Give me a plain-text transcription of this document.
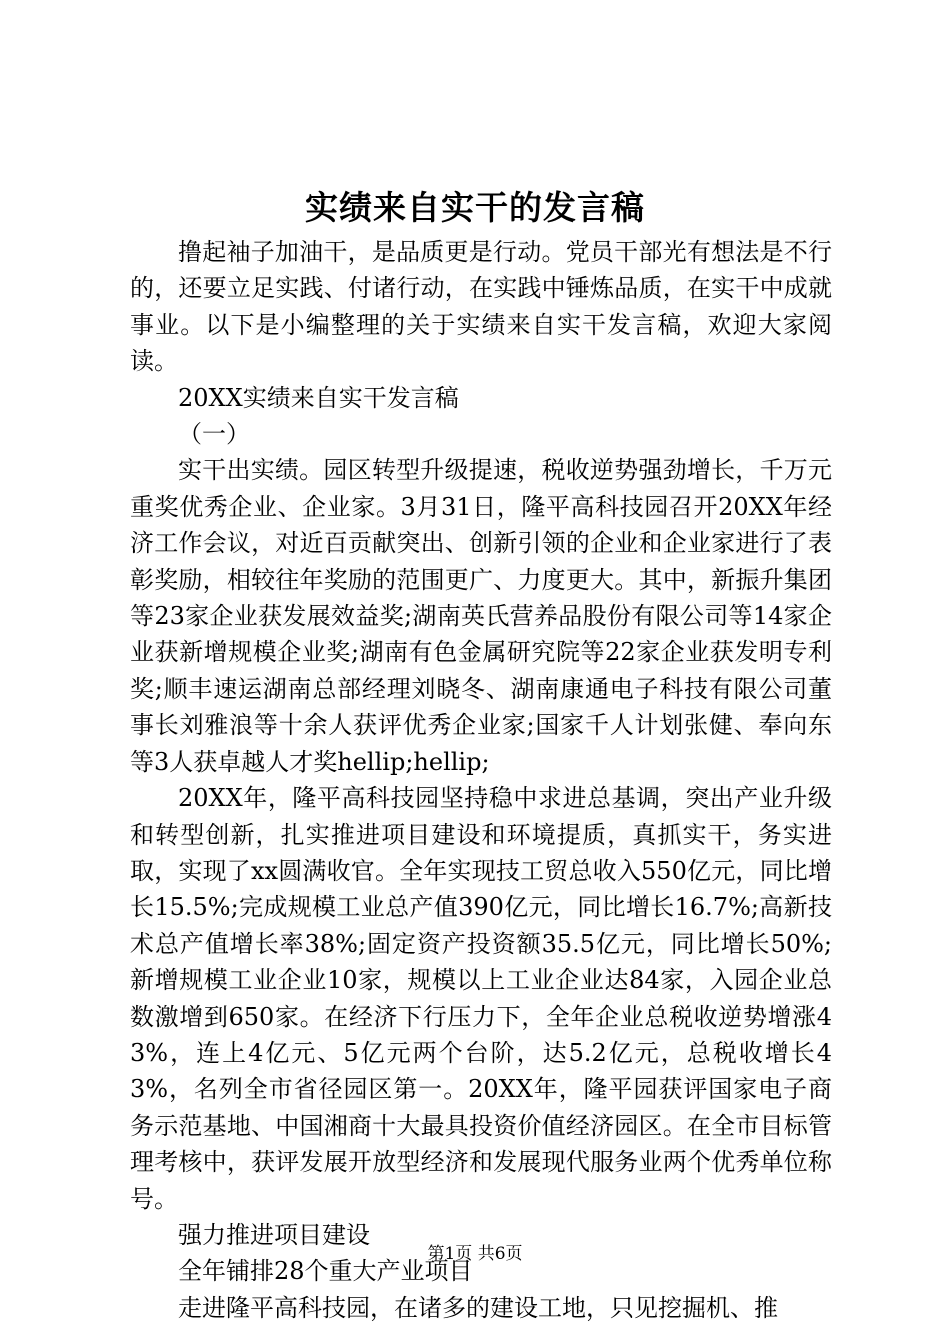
实绩来自实干的发言稿

撸起袖子加油干，是品质更是行动。党员干部光有想法是不行的，还要立足实践、付诸行动，在实践中锤炼品质，在实干中成就事业。以下是小编整理的关于实绩来自实干发言稿，欢迎大家阅读。

20XX实绩来自实干发言稿

（一）

实干出实绩。园区转型升级提速，税收逆势强劲增长，千万元重奖优秀企业、企业家。3月31日，隆平高科技园召开20XX年经济工作会议，对近百贡献突出、创新引领的企业和企业家进行了表彰奖励，相较往年奖励的范围更广、力度更大。其中，新振升集团等23家企业获发展效益奖;湖南英氏营养品股份有限公司等14家企业获新增规模企业奖;湖南有色金属研究院等22家企业获发明专利奖;顺丰速运湖南总部经理刘晓冬、湖南康通电子科技有限公司董事长刘雅浪等十余人获评优秀企业家;国家千人计划张健、奉向东等3人获卓越人才奖hellip;hellip;

20XX年，隆平高科技园坚持稳中求进总基调，突出产业升级和转型创新，扎实推进项目建设和环境提质，真抓实干，务实进取，实现了xx圆满收官。全年实现技工贸总收入550亿元，同比增长15.5%;完成规模工业总产值390亿元，同比增长16.7%;高新技术总产值增长率38%;固定资产投资额35.5亿元，同比增长50%;新增规模工业企业10家，规模以上工业企业达84家，入园企业总数激增到650家。在经济下行压力下，全年企业总税收逆势增涨43%，连上4亿元、5亿元两个台阶，达5.2亿元，总税收增长43%，名列全市省径园区第一。20XX年，隆平园获评国家电子商务示范基地、中国湘商十大最具投资价值经济园区。在全市目标管理考核中，获评发展开放型经济和发展现代服务业两个优秀单位称号。

强力推进项目建设

全年铺排28个重大产业项目

走进隆平高科技园，在诸多的建设工地，只见挖掘机、推

第1页 共6页
